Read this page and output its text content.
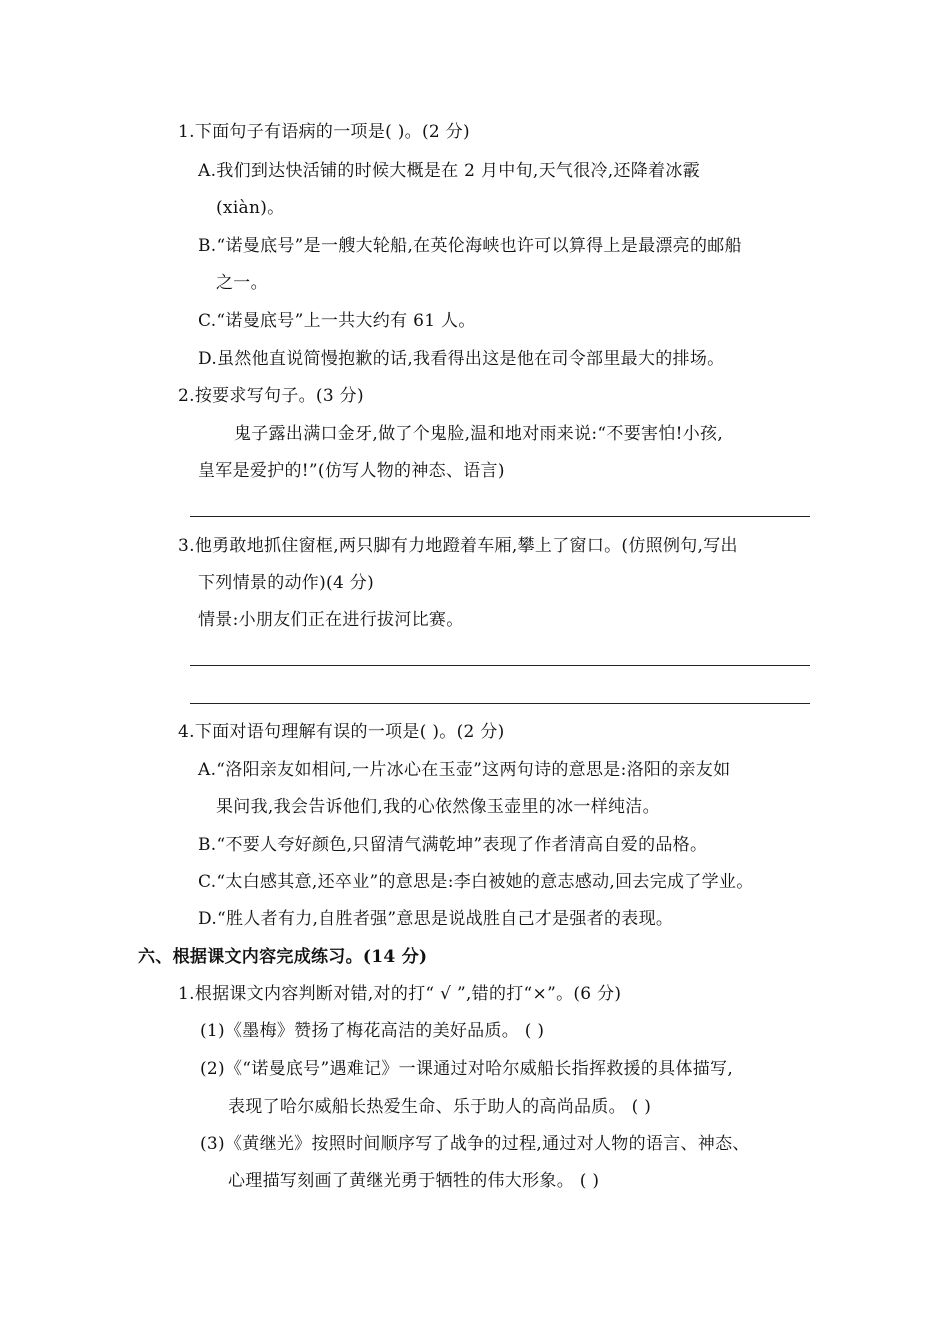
1.下面句子有语病的一项是( )。(2 分)
A.我们到达快活铺的时候大概是在 2 月中旬,天气很冷,还降着冰霰
(xiàn)。
B.“诺曼底号”是一艘大轮船,在英伦海峡也许可以算得上是最漂亮的邮船
之一。
C.“诺曼底号”上一共大约有 61 人。
D.虽然他直说简慢抱歉的话,我看得出这是他在司令部里最大的排场。
2.按要求写句子。(3 分)
鬼子露出满口金牙,做了个鬼脸,温和地对雨来说:“不要害怕!小孩,
皇军是爱护的!”(仿写人物的神态、语言)
3.他勇敢地抓住窗框,两只脚有力地蹬着车厢,攀上了窗口。(仿照例句,写出
下列情景的动作)(4 分)
情景:小朋友们正在进行拔河比赛。
4.下面对语句理解有误的一项是( )。(2 分)
A.“洛阳亲友如相问,一片冰心在玉壶”这两句诗的意思是:洛阳的亲友如
果问我,我会告诉他们,我的心依然像玉壶里的冰一样纯洁。
B.“不要人夸好颜色,只留清气满乾坤”表现了作者清高自爱的品格。
C.“太白感其意,还卒业”的意思是:李白被她的意志感动,回去完成了学业。
D.“胜人者有力,自胜者强”意思是说战胜自己才是强者的表现。
六、根据课文内容完成练习。(14 分)
1.根据课文内容判断对错,对的打“ √ ”,错的打“×”。(6 分)
(1)《墨梅》赞扬了梅花高洁的美好品质。 ( )
(2)《“诺曼底号”遇难记》一课通过对哈尔威船长指挥救援的具体描写,
表现了哈尔威船长热爱生命、乐于助人的高尚品质。 ( )
(3)《黄继光》按照时间顺序写了战争的过程,通过对人物的语言、神态、
心理描写刻画了黄继光勇于牺牲的伟大形象。 ( )
